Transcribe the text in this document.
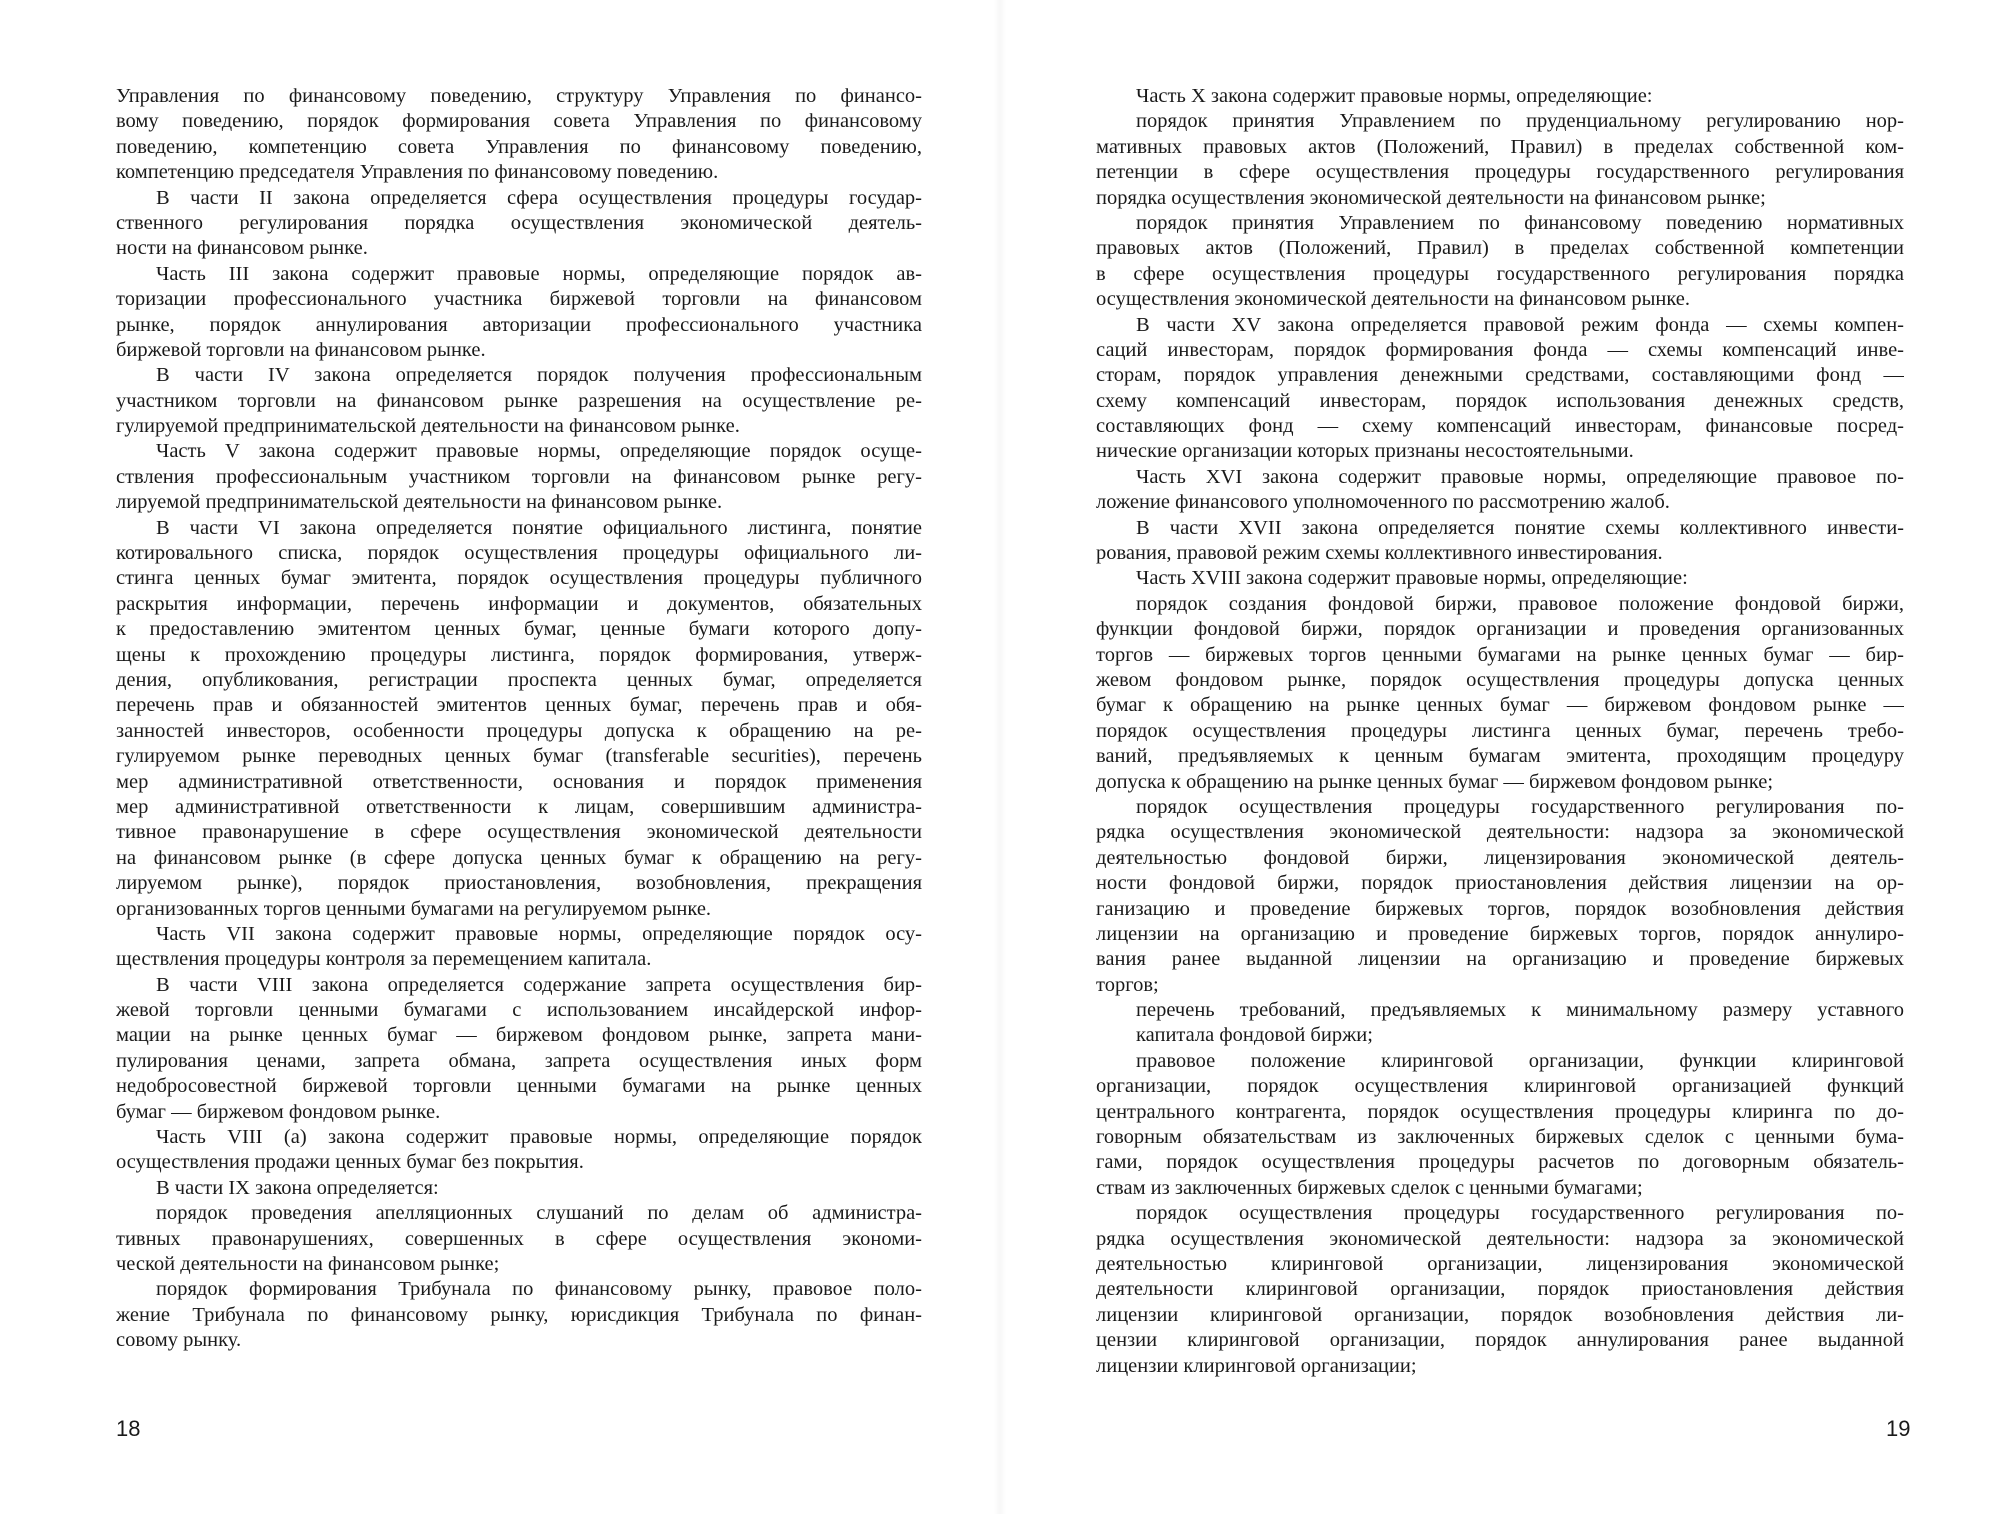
Управления по финансовому поведению, структуру Управления по финансо-
вому поведению, порядок формирования совета Управления по финансовому
поведению, компетенцию совета Управления по финансовому поведению,
компетенцию председателя Управления по финансовому поведению.
В части II закона определяется сфера осуществления процедуры государ-
ственного регулирования порядка осуществления экономической деятель-
ности на финансовом рынке.
Часть III закона содержит правовые нормы, определяющие порядок ав-
торизации профессионального участника биржевой торговли на финансовом
рынке, порядок аннулирования авторизации профессионального участника
биржевой торговли на финансовом рынке.
В части IV закона определяется порядок получения профессиональным
участником торговли на финансовом рынке разрешения на осуществление ре-
гулируемой предпринимательской деятельности на финансовом рынке.
Часть V закона содержит правовые нормы, определяющие порядок осуще-
ствления профессиональным участником торговли на финансовом рынке регу-
лируемой предпринимательской деятельности на финансовом рынке.
В части VI закона определяется понятие официального листинга, понятие
котировального списка, порядок осуществления процедуры официального ли-
стинга ценных бумаг эмитента, порядок осуществления процедуры публичного
раскрытия информации, перечень информации и документов, обязательных
к предоставлению эмитентом ценных бумаг, ценные бумаги которого допу-
щены к прохождению процедуры листинга, порядок формирования, утверж-
дения, опубликования, регистрации проспекта ценных бумаг, определяется
перечень прав и обязанностей эмитентов ценных бумаг, перечень прав и обя-
занностей инвесторов, особенности процедуры допуска к обращению на ре-
гулируемом рынке переводных ценных бумаг (transferable securities), перечень
мер административной ответственности, основания и порядок применения
мер административной ответственности к лицам, совершившим администра-
тивное правонарушение в сфере осуществления экономической деятельности
на финансовом рынке (в сфере допуска ценных бумаг к обращению на регу-
лируемом рынке), порядок приостановления, возобновления, прекращения
организованных торгов ценными бумагами на регулируемом рынке.
Часть VII закона содержит правовые нормы, определяющие порядок осу-
ществления процедуры контроля за перемещением капитала.
В части VIII закона определяется содержание запрета осуществления бир-
жевой торговли ценными бумагами с использованием инсайдерской инфор-
мации на рынке ценных бумаг — биржевом фондовом рынке, запрета мани-
пулирования ценами, запрета обмана, запрета осуществления иных форм
недобросовестной биржевой торговли ценными бумагами на рынке ценных
бумаг — биржевом фондовом рынке.
Часть VIII (а) закона содержит правовые нормы, определяющие порядок
осуществления продажи ценных бумаг без покрытия.
В части IX закона определяется:
порядок проведения апелляционных слушаний по делам об администра-
тивных правонарушениях, совершенных в сфере осуществления экономи-
ческой деятельности на финансовом рынке;
порядок формирования Трибунала по финансовому рынку, правовое поло-
жение Трибунала по финансовому рынку, юрисдикция Трибунала по финан-
совому рынку.
18
Часть X закона содержит правовые нормы, определяющие:
порядок принятия Управлением по пруденциальному регулированию нор-
мативных правовых актов (Положений, Правил) в пределах собственной ком-
петенции в сфере осуществления процедуры государственного регулирования
порядка осуществления экономической деятельности на финансовом рынке;
порядок принятия Управлением по финансовому поведению нормативных
правовых актов (Положений, Правил) в пределах собственной компетенции
в сфере осуществления процедуры государственного регулирования порядка
осуществления экономической деятельности на финансовом рынке.
В части XV закона определяется правовой режим фонда — схемы компен-
саций инвесторам, порядок формирования фонда — схемы компенсаций инве-
сторам, порядок управления денежными средствами, составляющими фонд —
схему компенсаций инвесторам, порядок использования денежных средств,
составляющих фонд — схему компенсаций инвесторам, финансовые посред-
нические организации которых признаны несостоятельными.
Часть XVI закона содержит правовые нормы, определяющие правовое по-
ложение финансового уполномоченного по рассмотрению жалоб.
В части XVII закона определяется понятие схемы коллективного инвести-
рования, правовой режим схемы коллективного инвестирования.
Часть XVIII закона содержит правовые нормы, определяющие:
порядок создания фондовой биржи, правовое положение фондовой биржи,
функции фондовой биржи, порядок организации и проведения организованных
торгов — биржевых торгов ценными бумагами на рынке ценных бумаг — бир-
жевом фондовом рынке, порядок осуществления процедуры допуска ценных
бумаг к обращению на рынке ценных бумаг — биржевом фондовом рынке —
порядок осуществления процедуры листинга ценных бумаг, перечень требо-
ваний, предъявляемых к ценным бумагам эмитента, проходящим процедуру
допуска к обращению на рынке ценных бумаг — биржевом фондовом рынке;
порядок осуществления процедуры государственного регулирования по-
рядка осуществления экономической деятельности: надзора за экономической
деятельностью фондовой биржи, лицензирования экономической деятель-
ности фондовой биржи, порядок приостановления действия лицензии на ор-
ганизацию и проведение биржевых торгов, порядок возобновления действия
лицензии на организацию и проведение биржевых торгов, порядок аннулиро-
вания ранее выданной лицензии на организацию и проведение биржевых
торгов;
перечень требований, предъявляемых к минимальному размеру уставного
капитала фондовой биржи;
правовое положение клиринговой организации, функции клиринговой
организации, порядок осуществления клиринговой организацией функций
центрального контрагента, порядок осуществления процедуры клиринга по до-
говорным обязательствам из заключенных биржевых сделок с ценными бума-
гами, порядок осуществления процедуры расчетов по договорным обязатель-
ствам из заключенных биржевых сделок с ценными бумагами;
порядок осуществления процедуры государственного регулирования по-
рядка осуществления экономической деятельности: надзора за экономической
деятельностью клиринговой организации, лицензирования экономической
деятельности клиринговой организации, порядок приостановления действия
лицензии клиринговой организации, порядок возобновления действия ли-
цензии клиринговой организации, порядок аннулирования ранее выданной
лицензии клиринговой организации;
19
